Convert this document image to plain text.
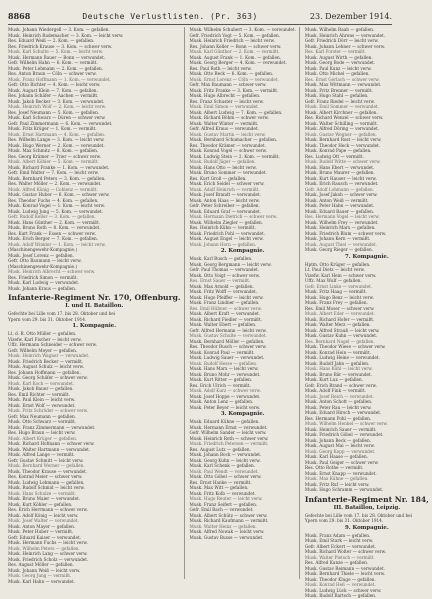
8868	Deutsche Verlustlisten. (Pr. 363)	23. Dezember 1914.
Musk. Johann Wiedergell — 3. Kom. — gefallen.
Musk. Heinrich Rademacher — 3. Kom. — leicht verw.
Res. Eduard Weiß — 2. Kom. — gefallen.
Res. Friedrich Krause — 3. Kom. — schwer verw.
Musk. Karl Schulte — 5. Kom. — leicht verw.
Musk. Hermann Bauer — Bonn — verwundet.
Gefr. Wilhelm Hahn — 6. Kom. — vermißt.
Musk. Peter Lehmann — 2. Kom. — gefallen.
Res. Anton Braun — Cöln — schwer verw.
Musk. Franz Hoffmann — 1. Kom. — verwundet.
Gefr. Otto Richter — 4. Kom. — leicht verw.
Musk. August Klein — 7. Kom. — gefallen.
Res. Johann Schäfer — Aachen — vermißt.
Musk. Jakob Becker — 3. Kom. — verwundet.
Musk. Heinrich Wolf — 2. Kom. — leicht verw.
Res. Josef Neumann — 5. Kom. — gefallen.
Musk. Karl Schwarz — Düren — schwer verw.
Gefr. Paul Zimmermann — 6. Kom. — verwundet.
Musk. Fritz Krüger — 1. Kom. — vermißt.
Musk. Ernst Hartmann — 4. Kom. — gefallen.
Res. Wilhelm Lange — 3. Kom. — leicht verw.
Musk. Hugo Werner — 2. Kom. — verwundet.
Musk. Max Schmitz — 8. Kom. — gefallen.
Res. Georg Krämer — Trier — schwer verw.
Musk. Albert Köhler — 5. Kom. — vermißt.
Musk. Richard Franke — 1. Kom. — verwundet.
Gefr. Emil Walter — 7. Kom. — leicht verw.
Musk. Bernhard Peters — 3. Kom. — gefallen.
Res. Walter Möller — 2. Kom. — verwundet.
Musk. Alfred König — Coblenz — vermißt.
Musk. Gustav Huber — 6. Kom. — schwer verw.
Res. Theodor Fuchs — 4. Kom. — gefallen.
Musk. Konrad Vogel — 1. Kom. — leicht verw.
Musk. Ludwig Jung — 5. Kom. — verwundet.
Gefr. Rudolf Keller — 3. Kom. — gefallen.
Musk. Hans Günther — 2. Kom. — vermißt.
Musk. Bruno Roth — 8. Kom. — verwundet.
Res. Kurt Frank — Essen — schwer verw.
Musk. Erich Berger — 7. Kom. — gefallen.
Musk. Adolf Winkler — 1. Kom. — leicht verw.
(Maschinengewehr-Kompagnie.)
Musk. Josef Lorenz — gefallen.
Gefr. Otto Baumann — leicht verw.
(Maschinengewehr-Kompagnie.)
Musk. Heinrich Albrecht — schwer verw.
Res. Friedrich Simon — vermißt.
Musk. Karl Ludwig — verwundet.
Musk. Johann Kraus — gefallen.
Infanterie-Regiment Nr. 170, Offenburg.
I. und II. Bataillon.
Gefechte bei Lille vom 17. bis 28. Oktober und bei
Ypern vom 29. bis 31. Oktober 1914.
1. Kompagnie.
Lt. d. R. Otto Müller — gefallen.
Vizefw. Karl Fischer — leicht verw.
Uffz. Hermann Schneider — schwer verw.
Gefr. Wilhelm Meyer — gefallen.
Musk. Heinrich Wagner — verwundet.
Musk. Friedrich Becker — vermißt.
Musk. August Schulz — leicht verw.
Res. Johann Hoffmann — gefallen.
Musk. Georg Schäfer — schwer verw.
Musk. Karl Koch — verwundet.
Musk. Jakob Bauer — gefallen.
Res. Emil Richter — vermißt.
Musk. Paul Klein — leicht verw.
Musk. Ernst Wolf — verwundet.
Musk. Fritz Schröder — schwer verw.
Gefr. Max Neumann — gefallen.
Musk. Otto Schwarz — vermißt.
Musk. Franz Zimmermann — verwundet.
Res. Hugo Braun — leicht verw.
Musk. Albert Krüger — gefallen.
Musk. Richard Hofmann — schwer verw.
Musk. Walter Hartmann — verwundet.
Musk. Alfred Lange — vermißt.
Gefr. Gustav Schmitt — leicht verw.
Musk. Bernhard Werner — gefallen.
Musk. Theodor Krause — verwundet.
Res. Konrad Meier — schwer verw.
Musk. Ludwig Lehmann — gefallen.
Musk. Rudolf Schmid — leicht verw.
Musk. Hans Schulze — vermißt.
Musk. Bruno Maier — verwundet.
Musk. Kurt Köhler — gefallen.
Res. Erich Herrmann — schwer verw.
Musk. Adolf König — leicht verw.
Musk. Josef Walter — verwundet.
Musk. Anton Mayer — gefallen.
Musk. Peter Huber — vermißt.
Gefr. Eduard Kaiser — verwundet.
Musk. Hermann Fuchs — leicht verw.
Musk. Wilhelm Peters — gefallen.
Musk. Heinrich Lang — schwer verw.
Musk. Friedrich Scholz — verwundet.
Res. August Möller — gefallen.
Musk. Johann Weiß — leicht verw.
Musk. Georg Jung — vermißt.
Musk. Karl Hahn — verwundet.
Musk. Wilhelm Schubert — 3. Kom. — verwundet.
Gefr. Friedrich Vogt — 5. Kom. — gefallen.
Musk. Heinrich Friedrich — leicht verw.
Res. Johann Keller — Bonn — schwer verw.
Musk. Karl Günther — 2. Kom. — vermißt.
Musk. August Frank — 1. Kom. — gefallen.
Musk. Georg Berger — 4. Kom. — verwundet.
Res. Paul Roth — leicht verw.
Musk. Otto Beck — 6. Kom. — gefallen.
Musk. Ernst Lorenz — Cöln — verwundet.
Gefr. Max Baumann — schwer verw.
Musk. Fritz Franke — 3. Kom. — vermißt.
Musk. Hugo Albrecht — gefallen.
Res. Franz Schuster — leicht verw.
Musk. Emil Simon — verwundet.
Musk. Albert Ludwig — 7. Kom. — gefallen.
Musk. Richard Böhm — schwer verw.
Musk. Walter Winter — vermißt.
Gefr. Alfred Kraus — verwundet.
Musk. Gustav Martin — leicht verw.
Musk. Bernhard Schumacher — gefallen.
Res. Theodor Krämer — verwundet.
Musk. Konrad Vogel — schwer verw.
Musk. Ludwig Stein — 2. Kom. — vermißt.
Musk. Rudolf Jäger — gefallen.
Musk. Hans Otto — leicht verw.
Musk. Bruno Sommer — verwundet.
Res. Kurt Groß — gefallen.
Musk. Erich Seidel — schwer verw.
Musk. Adolf Heinrich — vermißt.
Musk. Josef Brandt — verwundet.
Musk. Anton Haas — leicht verw.
Gefr. Peter Schreiber — gefallen.
Musk. Eduard Graf — verwundet.
Musk. Hermann Dietrich — schwer verw.
Musk. Wilhelm Ziegler — gefallen.
Res. Heinrich Kühn — vermißt.
Musk. Friedrich Pohl — verwundet.
Musk. August Engel — leicht verw.
Musk. Johann Horn — gefallen.
2. Kompagnie.
Musk. Karl Busch — gefallen.
Musk. Georg Bergmann — leicht verw.
Gefr. Paul Thomas — verwundet.
Musk. Otto Voigt — schwer verw.
Res. Ernst Sauer — vermißt.
Musk. Max Arnold — gefallen.
Musk. Fritz Wolff — verwundet.
Musk. Hugo Pfeiffer — leicht verw.
Musk. Franz Lindner — gefallen.
Res. Emil Hübner — schwer verw.
Musk. Albert Kraft — verwundet.
Musk. Richard Fiedler — vermißt.
Musk. Walter Ebert — gefallen.
Gefr. Alfred Hermann — leicht verw.
Musk. Gustav Schulte — verwundet.
Musk. Bernhard Möller — gefallen.
Res. Theodor Busch — schwer verw.
Musk. Konrad Paul — vermißt.
Musk. Ludwig Sauer — verwundet.
Musk. Rudolf Hesse — gefallen.
Musk. Hans Marx — leicht verw.
Musk. Bruno Mohr — verwundet.
Musk. Kurt Ritter — gefallen.
Res. Erich Ulrich — vermißt.
Musk. Adolf Kurz — schwer verw.
Musk. Josef Hoppe — verwundet.
Musk. Anton Lenz — gefallen.
Musk. Peter Beyer — leicht verw.
3. Kompagnie.
Musk. Eduard Kühne — gefallen.
Musk. Hermann Ernst — verwundet.
Gefr. Wilhelm Sander — leicht verw.
Musk. Heinrich Roth — schwer verw.
Musk. Friedrich Petersen — vermißt.
Res. August Lutz — gefallen.
Musk. Johann Bock — verwundet.
Musk. Georg Kuhn — leicht verw.
Musk. Karl Schenk — gefallen.
Musk. Paul Wendt — verwundet.
Musk. Otto Göbel — schwer verw.
Res. Ernst Hanke — vermißt.
Musk. Max Witt — gefallen.
Musk. Fritz Kolb — verwundet.
Musk. Hugo Reuter — leicht verw.
Musk. Franz Seifert — gefallen.
Gefr. Emil Bach — verwundet.
Musk. Albert Schütz — schwer verw.
Musk. Richard Kaufmann — vermißt.
Musk. Walter Heinz — gefallen.
Musk. Alfred Nowak — leicht verw.
Musk. Gustav Busse — verwundet.
Musk. Wilhelm Raab — gefallen.
Musk. Heinrich Ahrens — verwundet.
Gefr. Friedrich Dörr — leicht verw.
Musk. Johann Lehner — schwer verw.
Res. Karl Forster — vermißt.
Musk. August Wirth — gefallen.
Musk. Georg Bode — verwundet.
Musk. Paul Kunz — leicht verw.
Musk. Otto Michel — gefallen.
Res. Ernst Gerlach — schwer verw.
Musk. Max Wittmann — verwundet.
Musk. Fritz Brenner — vermißt.
Musk. Hugo Stahl — gefallen.
Gefr. Franz Riedel — leicht verw.
Musk. Emil Sommer — verwundet.
Musk. Albert Kirchner — gefallen.
Res. Richard Wenzel — schwer verw.
Musk. Walter Schilling — vermißt.
Musk. Alfred Döring — verwundet.
Musk. Gustav Wegner — gefallen.
Musk. Bernhard Rost — leicht verw.
Musk. Theodor Heck — verwundet.
Musk. Konrad Pape — gefallen.
Res. Ludwig Ott — vermißt.
Musk. Rudolf Witte — schwer verw.
Musk. Hans Ebert — verwundet.
Musk. Bruno Maurer — gefallen.
Musk. Kurt Hauser — leicht verw.
Musk. Erich Rausch — verwundet.
Gefr. Adolf Lohmann — gefallen.
Musk. Josef Jakob — schwer verw.
Musk. Anton Weiß — vermißt.
Musk. Peter Hahn — verwundet.
Musk. Eduard Bauer — gefallen.
Res. Hermann Vogel — leicht verw.
Musk. Wilhelm Frey — verwundet.
Musk. Heinrich Marx — gefallen.
Musk. Friedrich Blum — schwer verw.
Musk. Johann Kern — vermißt.
Musk. August Thiel — verwundet.
Musk. Georg Rieger — gefallen.
7. Kompagnie.
Hptm. Otto Krüger — gefallen.
Lt. Paul Dietz — leicht verw.
Vizefw. Karl Hein — schwer verw.
Uffz. Max Wulf — gefallen.
Gefr. Ernst Linke — verwundet.
Musk. Fritz Haag — vermißt.
Musk. Hugo Benz — leicht verw.
Musk. Franz Frey — gefallen.
Res. Emil Moser — schwer verw.
Musk. Albert Eder — verwundet.
Musk. Richard Hofer — vermißt.
Musk. Walter Merz — gefallen.
Musk. Alfred Strauß — leicht verw.
Musk. Gustav Kuhn — verwundet.
Res. Bernhard Nagel — gefallen.
Musk. Theodor Wiese — schwer verw.
Musk. Konrad Hein — vermißt.
Musk. Ludwig Heine — verwundet.
Musk. Rudolf Jahn — gefallen.
Musk. Hans Kühl — leicht verw.
Musk. Bruno Bär — verwundet.
Musk. Kurt Lux — gefallen.
Gefr. Erich Brand — schwer verw.
Musk. Adolf Fink — vermißt.
Musk. Josef Reich — verwundet.
Musk. Anton Schott — gefallen.
Musk. Peter Rau — leicht verw.
Musk. Eduard Hirsch — verwundet.
Res. Hermann Pohl — gefallen.
Musk. Wilhelm Henkel — schwer verw.
Musk. Heinrich Sauer — vermißt.
Musk. Friedrich Göbel — verwundet.
Musk. Johann Beck — gefallen.
Musk. August Mai — leicht verw.
Musk. Georg Kopp — verwundet.
Musk. Karl Haase — gefallen.
Musk. Paul Geiger — schwer verw.
Res. Otto Rothe — vermißt.
Musk. Ernst Knapp — verwundet.
Musk. Max Kühne — gefallen.
Musk. Fritz Ruf — leicht verw.
Musk. Hugo Schramm — verwundet.
Infanterie-Regiment Nr. 184,
III. Bataillon, Leipzig.
Gefechte bei Lille vom 17. bis 28. Oktober und bei
Ypern vom 29. bis 31. Oktober 1914.
9. Kompagnie.
Musk. Franz Adam — gefallen.
Musk. Emil Stark — leicht verw.
Gefr. Albert Eckert — verwundet.
Musk. Richard Wolter — schwer verw.
Musk. Walter Pietsch — vermißt.
Res. Alfred Kunze — gefallen.
Musk. Gustav Reimann — verwundet.
Musk. Bernhard Thiele — leicht verw.
Musk. Theodor Kluge — gefallen.
Musk. Konrad Heß — verwundet.
Musk. Ludwig Lück — schwer verw.
Musk. Rudolf Bartsch — gefallen.
